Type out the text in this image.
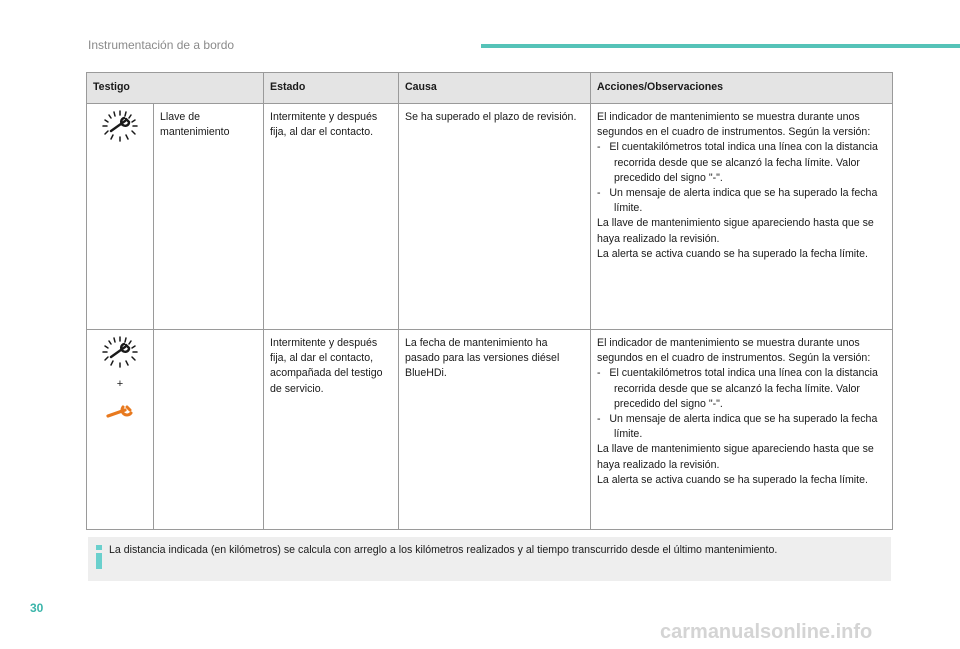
Instrumentación de a bordo
Testigo		Estado	Causa	Acciones/Observaciones
	Llave de mantenimiento	Intermitente y después fija, al dar el contacto.	Se ha superado el plazo de revisión.	El indicador de mantenimiento se muestra durante unos segundos en el cuadro de instrumentos. Según la versión:
-   El cuentakilómetros total indica una línea con la distancia recorrida desde que se alcanzó la fecha límite. Valor precedido del signo "-".
-   Un mensaje de alerta indica que se ha superado la fecha límite.
La llave de mantenimiento sigue apareciendo hasta que se haya realizado la revisión.
La alerta se activa cuando se ha superado la fecha límite.

+		Intermitente y después fija, al dar el contacto, acompañada del testigo de servicio.	La fecha de mantenimiento ha pasado para las versiones diésel BlueHDi.	El indicador de mantenimiento se muestra durante unos segundos en el cuadro de instrumentos. Según la versión:
-   El cuentakilómetros total indica una línea con la distancia recorrida desde que se alcanzó la fecha límite. Valor precedido del signo "-".
-   Un mensaje de alerta indica que se ha superado la fecha límite.
La llave de mantenimiento sigue apareciendo hasta que se haya realizado la revisión.
La alerta se activa cuando se ha superado la fecha límite.
La distancia indicada (en kilómetros) se calcula con arreglo a los kilómetros realizados y al tiempo transcurrido desde el último mantenimiento.
30
carmanualsonline.info
